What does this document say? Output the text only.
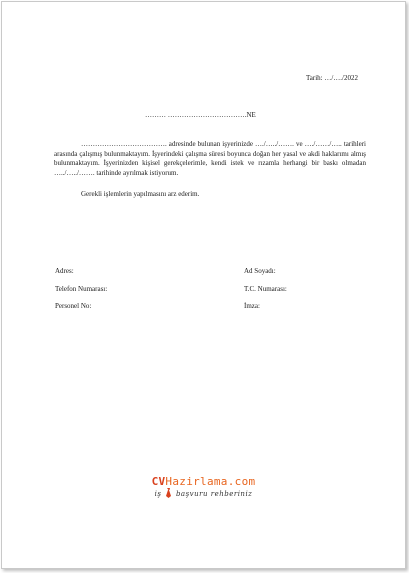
Tarih: …/…./2022
……… …………………………….NE
………………………………. adresinde bulunan işyerinizde …./…../……. ve …./……/….. tarihleri arasında çalışmış bulunmaktayım. İşyerindeki çalışma süresi boyunca doğan her yasal ve akdi haklarımı almış bulunmaktayım. İşyerinizden kişisel gerekçelerimle, kendi istek ve rızamla herhangi bir baskı olmadan …../…../……. tarihinde ayrılmak istiyorum.
Gerekli işlemlerin yapılmasını arz ederim.
Adres:
Telefon Numarası:
Personel No:
Ad Soyadı:
T.C. Numarası:
İmza:
CVHazirlama.com
iş başvuru rehberiniz
